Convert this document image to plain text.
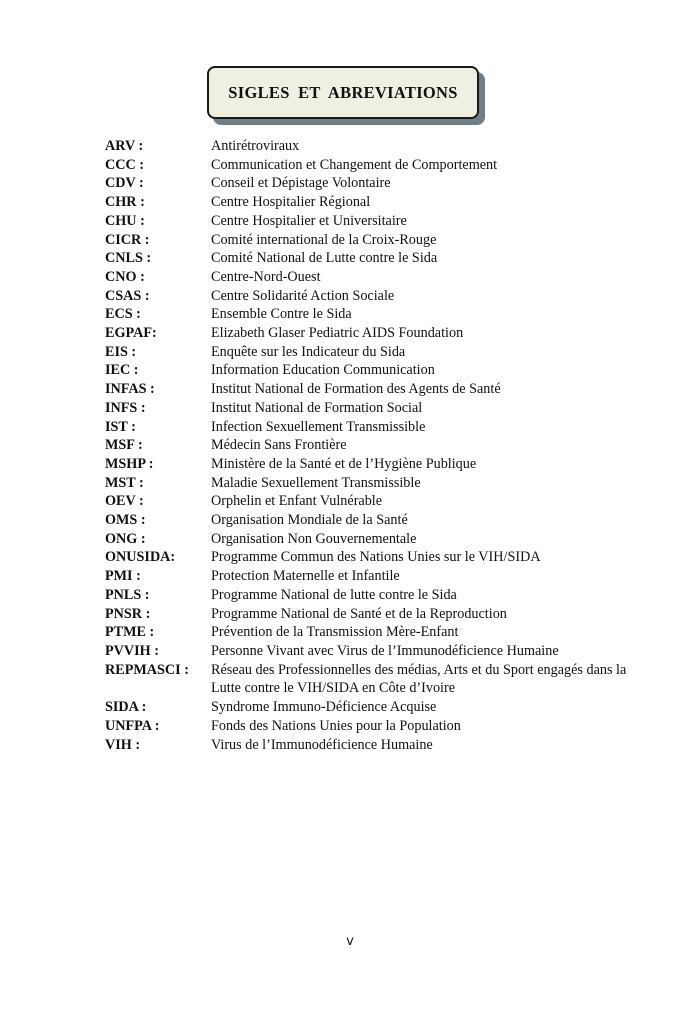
SIGLES ET ABREVIATIONS
ARV :	Antirétroviraux
CCC :	Communication et Changement de Comportement
CDV :	Conseil et Dépistage Volontaire
CHR :	Centre Hospitalier Régional
CHU :	Centre Hospitalier et Universitaire
CICR :	Comité international de la Croix-Rouge
CNLS :	Comité National de Lutte contre le Sida
CNO :	Centre-Nord-Ouest
CSAS :	Centre Solidarité Action Sociale
ECS :	Ensemble Contre le Sida
EGPAF:	Elizabeth Glaser Pediatric AIDS Foundation
EIS :	Enquête sur les Indicateur du Sida
IEC :	Information Education Communication
INFAS :	Institut National de Formation des Agents de Santé
INFS :	Institut National de Formation Social
IST :	Infection Sexuellement Transmissible
MSF :	Médecin Sans Frontière
MSHP :	Ministère de la Santé et de l’Hygiène Publique
MST :	Maladie Sexuellement Transmissible
OEV :	Orphelin et Enfant Vulnérable
OMS :	Organisation Mondiale de la Santé
ONG :	Organisation Non Gouvernementale
ONUSIDA:	Programme Commun des Nations Unies sur le VIH/SIDA
PMI :	Protection Maternelle et Infantile
PNLS :	Programme National de lutte contre le Sida
PNSR :	Programme National de Santé et de la Reproduction
PTME :	Prévention de la Transmission Mère-Enfant
PVVIH :	Personne Vivant avec Virus de l’Immunodéficience Humaine
REPMASCI :	Réseau des Professionnelles des médias, Arts et du Sport engagés dans la Lutte contre le VIH/SIDA en Côte d’Ivoire
SIDA :	Syndrome Immuno-Déficience Acquise
UNFPA :	Fonds des Nations Unies pour la Population
VIH :	Virus de l’Immunodéficience Humaine
v
